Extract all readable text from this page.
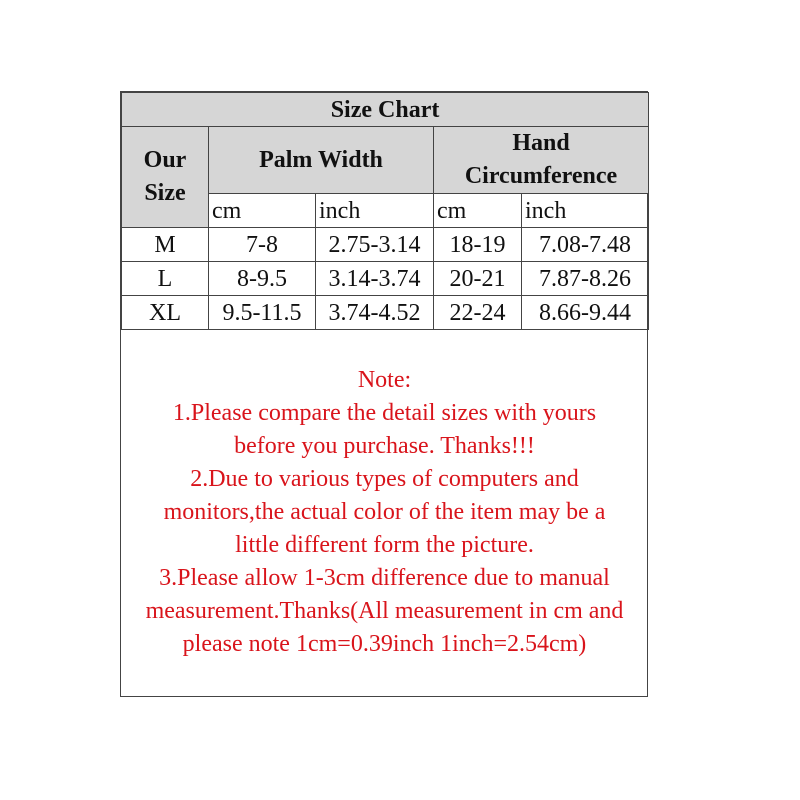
Size Chart				
Our Size	Palm Width		Hand
Circumference	

	cm	inch	cm	inch
M	7-8	2.75-3.14	18-19	7.08-7.48
L	8-9.5	3.14-3.74	20-21	7.87-8.26
XL	9.5-11.5	3.74-4.52	22-24	8.66-9.44
Note:
1.Please compare the detail sizes with yours
before you purchase. Thanks!!!
2.Due to various types of computers and
monitors,the actual color of the item may be a
little different form the picture.
3.Please allow 1-3cm difference due to manual
measurement.Thanks(All measurement in cm and
please note 1cm=0.39inch 1inch=2.54cm)
